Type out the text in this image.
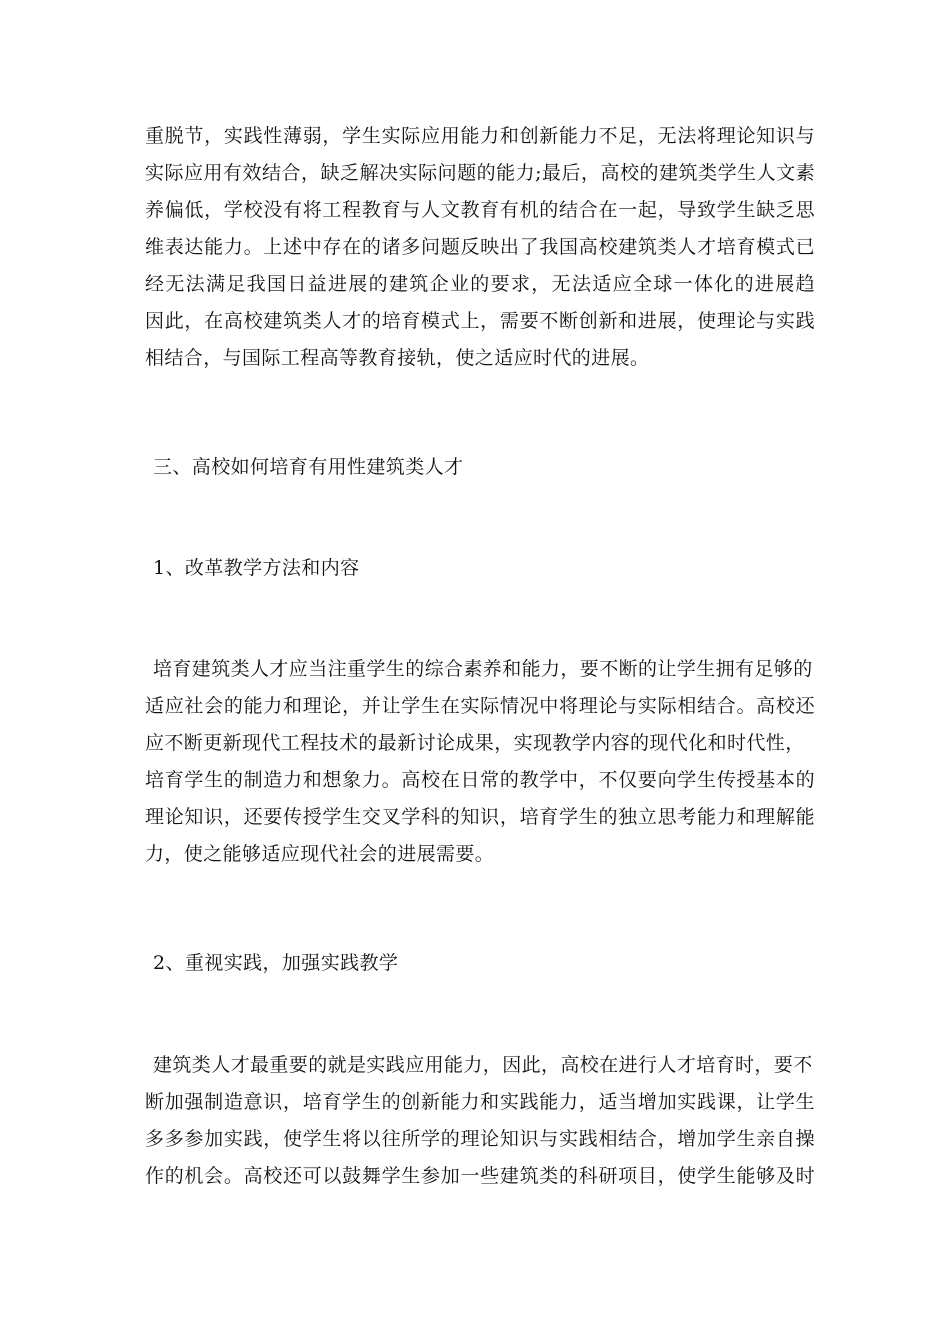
重脱节，实践性薄弱，学生实际应用能力和创新能力不足，无法将理论知识与
实际应用有效结合，缺乏解决实际问题的能力;最后，高校的建筑类学生人文素
养偏低，学校没有将工程教育与人文教育有机的结合在一起，导致学生缺乏思
维表达能力。上述中存在的诸多问题反映出了我国高校建筑类人才培育模式已
经无法满足我国日益进展的建筑企业的要求，无法适应全球一体化的进展趋
因此，在高校建筑类人才的培育模式上，需要不断创新和进展，使理论与实践
相结合，与国际工程高等教育接轨，使之适应时代的进展。
三、高校如何培育有用性建筑类人才
1、改革教学方法和内容
培育建筑类人才应当注重学生的综合素养和能力，要不断的让学生拥有足够的
适应社会的能力和理论，并让学生在实际情况中将理论与实际相结合。高校还
应不断更新现代工程技术的最新讨论成果，实现教学内容的现代化和时代性，
培育学生的制造力和想象力。高校在日常的教学中，不仅要向学生传授基本的
理论知识，还要传授学生交叉学科的知识，培育学生的独立思考能力和理解能
力，使之能够适应现代社会的进展需要。
2、重视实践，加强实践教学
建筑类人才最重要的就是实践应用能力，因此，高校在进行人才培育时，要不
断加强制造意识，培育学生的创新能力和实践能力，适当增加实践课，让学生
多多参加实践，使学生将以往所学的理论知识与实践相结合，增加学生亲自操
作的机会。高校还可以鼓舞学生参加一些建筑类的科研项目，使学生能够及时
